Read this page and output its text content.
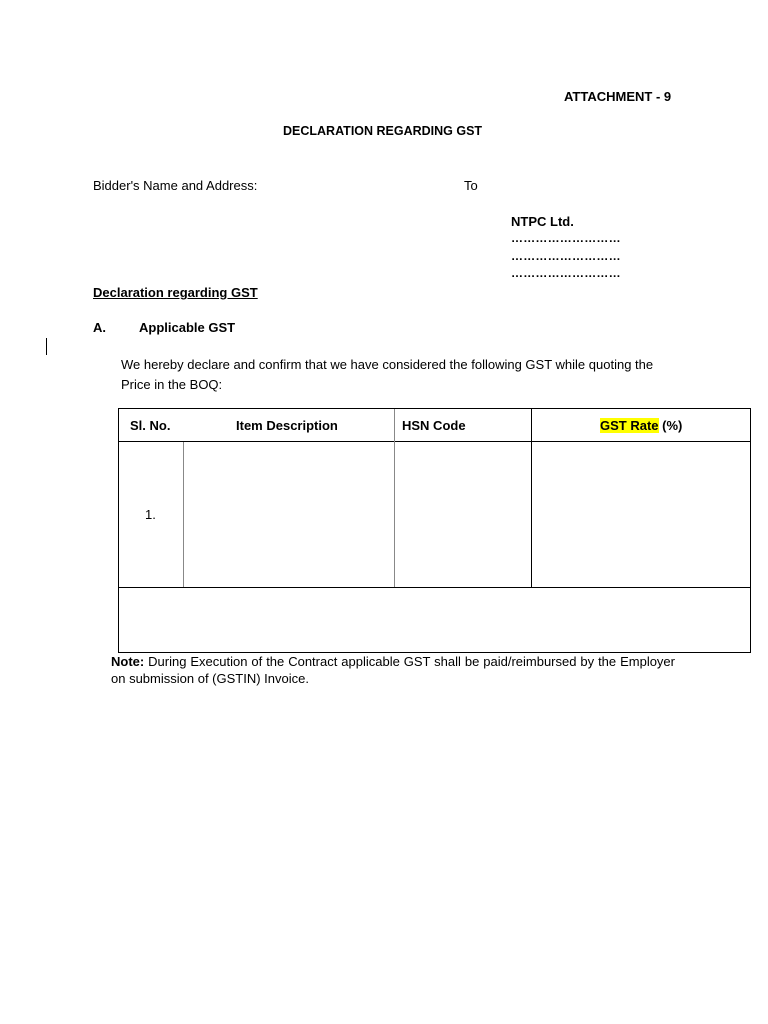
ATTACHMENT - 9
DECLARATION REGARDING GST
Bidder's Name and Address:	To
NTPC Ltd.
………………………
………………………
………………………
Declaration regarding GST
A.	Applicable GST
We hereby declare and confirm that we have considered the following GST while quoting the Price in the BOQ:
Sl. No.	Item Description	HSN Code	GST Rate (%)
1.
Note: During Execution of the Contract applicable GST shall be paid/reimbursed by the Employer on submission of (GSTIN) Invoice.
